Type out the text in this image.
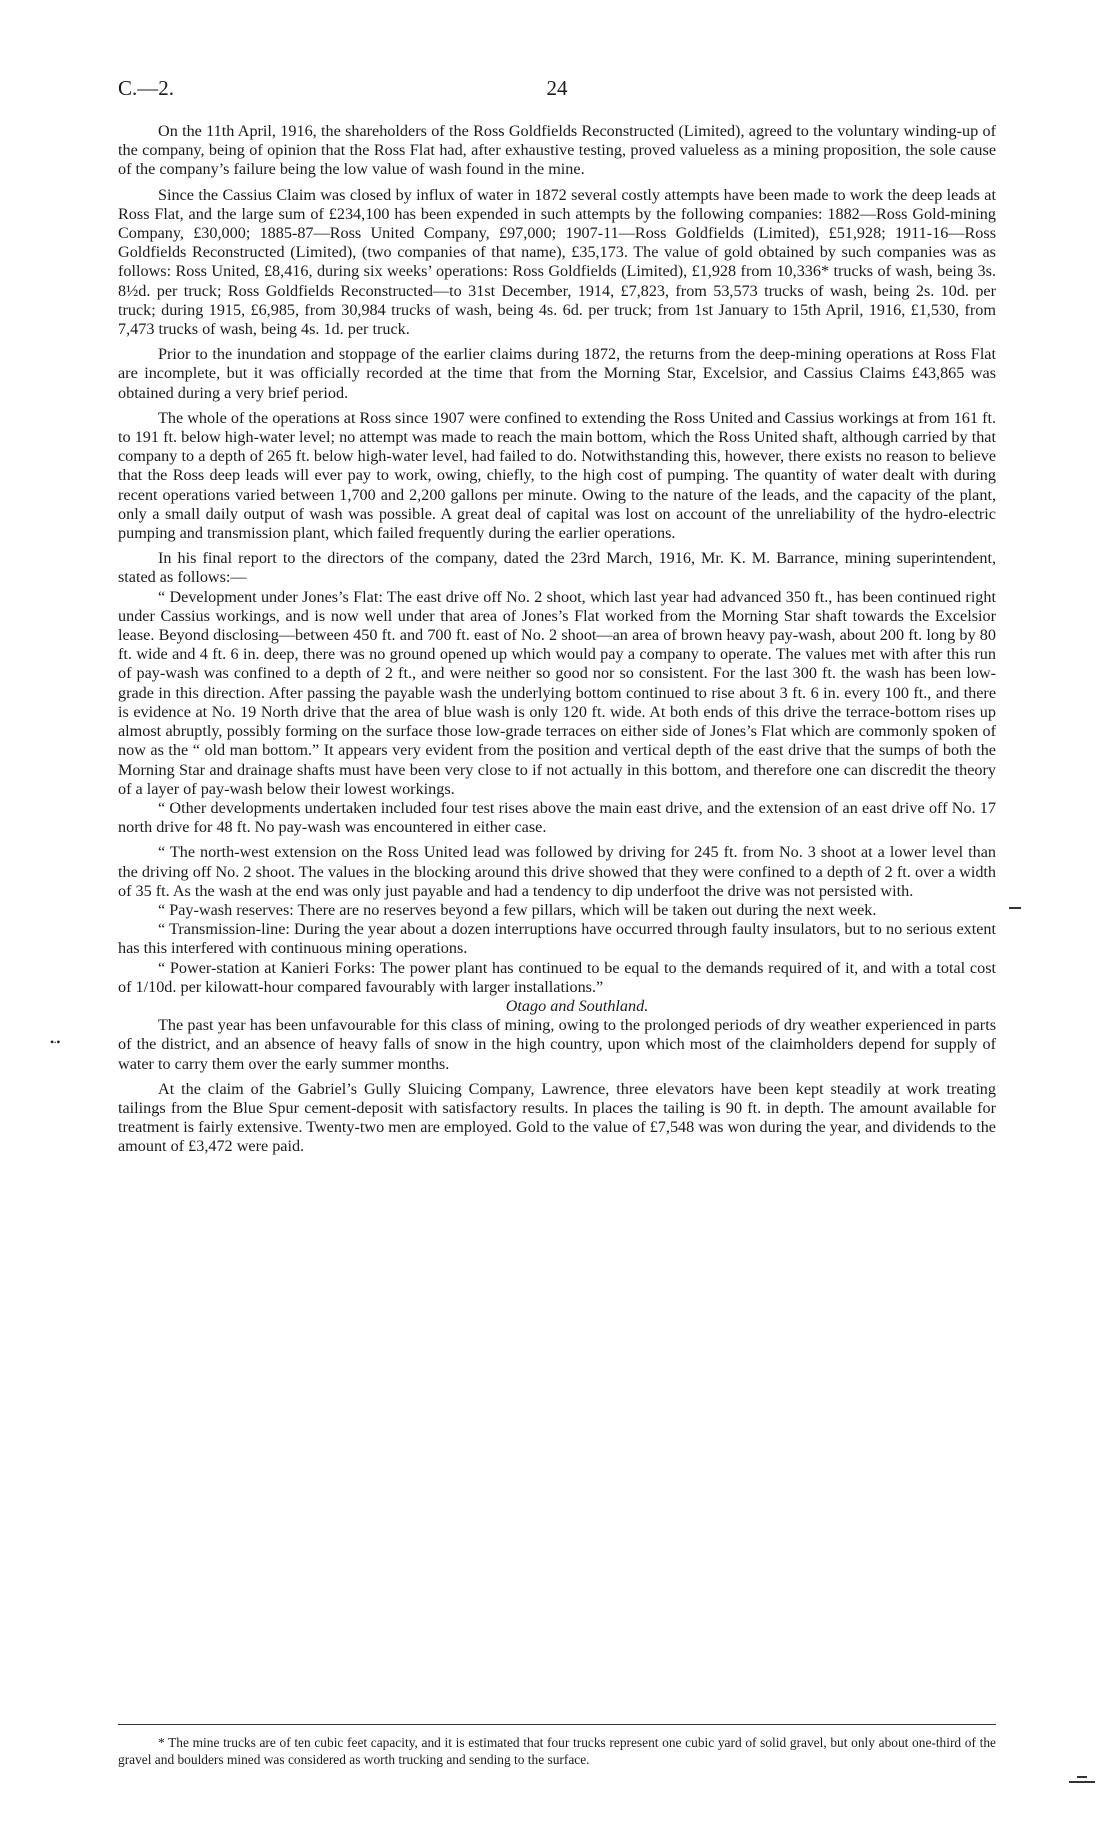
C.—2.	24

On the 11th April, 1916, the shareholders of the Ross Goldfields Reconstructed (Limited), agreed to the voluntary winding-up of the company, being of opinion that the Ross Flat had, after exhaustive testing, proved valueless as a mining proposition, the sole cause of the company’s failure being the low value of wash found in the mine.

Since the Cassius Claim was closed by influx of water in 1872 several costly attempts have been made to work the deep leads at Ross Flat, and the large sum of £234,100 has been expended in such attempts by the following companies: 1882—Ross Gold-mining Company, £30,000; 1885-87—Ross United Company, £97,000; 1907-11—Ross Goldfields (Limited), £51,928; 1911-16—Ross Goldfields Reconstructed (Limited), (two companies of that name), £35,173. The value of gold obtained by such companies was as follows: Ross United, £8,416, during six weeks’ operations: Ross Goldfields (Limited), £1,928 from 10,336* trucks of wash, being 3s. 8½d. per truck; Ross Goldfields Reconstructed—to 31st December, 1914, £7,823, from 53,573 trucks of wash, being 2s. 10d. per truck; during 1915, £6,985, from 30,984 trucks of wash, being 4s. 6d. per truck; from 1st January to 15th April, 1916, £1,530, from 7,473 trucks of wash, being 4s. 1d. per truck.

Prior to the inundation and stoppage of the earlier claims during 1872, the returns from the deep-mining operations at Ross Flat are incomplete, but it was officially recorded at the time that from the Morning Star, Excelsior, and Cassius Claims £43,865 was obtained during a very brief period.

The whole of the operations at Ross since 1907 were confined to extending the Ross United and Cassius workings at from 161 ft. to 191 ft. below high-water level; no attempt was made to reach the main bottom, which the Ross United shaft, although carried by that company to a depth of 265 ft. below high-water level, had failed to do. Notwithstanding this, however, there exists no reason to believe that the Ross deep leads will ever pay to work, owing, chiefly, to the high cost of pumping. The quantity of water dealt with during recent operations varied between 1,700 and 2,200 gallons per minute. Owing to the nature of the leads, and the capacity of the plant, only a small daily output of wash was possible. A great deal of capital was lost on account of the unreliability of the hydro-electric pumping and transmission plant, which failed frequently during the earlier operations.

In his final report to the directors of the company, dated the 23rd March, 1916, Mr. K. M. Barrance, mining superintendent, stated as follows:—

“ Development under Jones’s Flat: The east drive off No. 2 shoot, which last year had advanced 350 ft., has been continued right under Cassius workings, and is now well under that area of Jones’s Flat worked from the Morning Star shaft towards the Excelsior lease. Beyond disclosing—between 450 ft. and 700 ft. east of No. 2 shoot—an area of brown heavy pay-wash, about 200 ft. long by 80 ft. wide and 4 ft. 6 in. deep, there was no ground opened up which would pay a company to operate. The values met with after this run of pay-wash was confined to a depth of 2 ft., and were neither so good nor so consistent. For the last 300 ft. the wash has been low-grade in this direction. After passing the payable wash the underlying bottom continued to rise about 3 ft. 6 in. every 100 ft., and there is evidence at No. 19 North drive that the area of blue wash is only 120 ft. wide. At both ends of this drive the terrace-bottom rises up almost abruptly, possibly forming on the surface those low-grade terraces on either side of Jones’s Flat which are commonly spoken of now as the “ old man bottom.” It appears very evident from the position and vertical depth of the east drive that the sumps of both the Morning Star and drainage shafts must have been very close to if not actually in this bottom, and therefore one can discredit the theory of a layer of pay-wash below their lowest workings.

“ Other developments undertaken included four test rises above the main east drive, and the extension of an east drive off No. 17 north drive for 48 ft. No pay-wash was encountered in either case.

“ The north-west extension on the Ross United lead was followed by driving for 245 ft. from No. 3 shoot at a lower level than the driving off No. 2 shoot. The values in the blocking around this drive showed that they were confined to a depth of 2 ft. over a width of 35 ft. As the wash at the end was only just payable and had a tendency to dip underfoot the drive was not persisted with.

“ Pay-wash reserves: There are no reserves beyond a few pillars, which will be taken out during the next week.

“ Transmission-line: During the year about a dozen interruptions have occurred through faulty insulators, but to no serious extent has this interfered with continuous mining operations.

“ Power-station at Kanieri Forks: The power plant has continued to be equal to the demands required of it, and with a total cost of 1/10d. per kilowatt-hour compared favourably with larger installations.”

Otago and Southland.

The past year has been unfavourable for this class of mining, owing to the prolonged periods of dry weather experienced in parts of the district, and an absence of heavy falls of snow in the high country, upon which most of the claimholders depend for supply of water to carry them over the early summer months.

At the claim of the Gabriel’s Gully Sluicing Company, Lawrence, three elevators have been kept steadily at work treating tailings from the Blue Spur cement-deposit with satisfactory results. In places the tailing is 90 ft. in depth. The amount available for treatment is fairly extensive. Twenty-two men are employed. Gold to the value of £7,548 was won during the year, and dividends to the amount of £3,472 were paid.

* The mine trucks are of ten cubic feet capacity, and it is estimated that four trucks represent one cubic yard of solid gravel, but only about one-third of the gravel and boulders mined was considered as worth trucking and sending to the surface.

•·•
